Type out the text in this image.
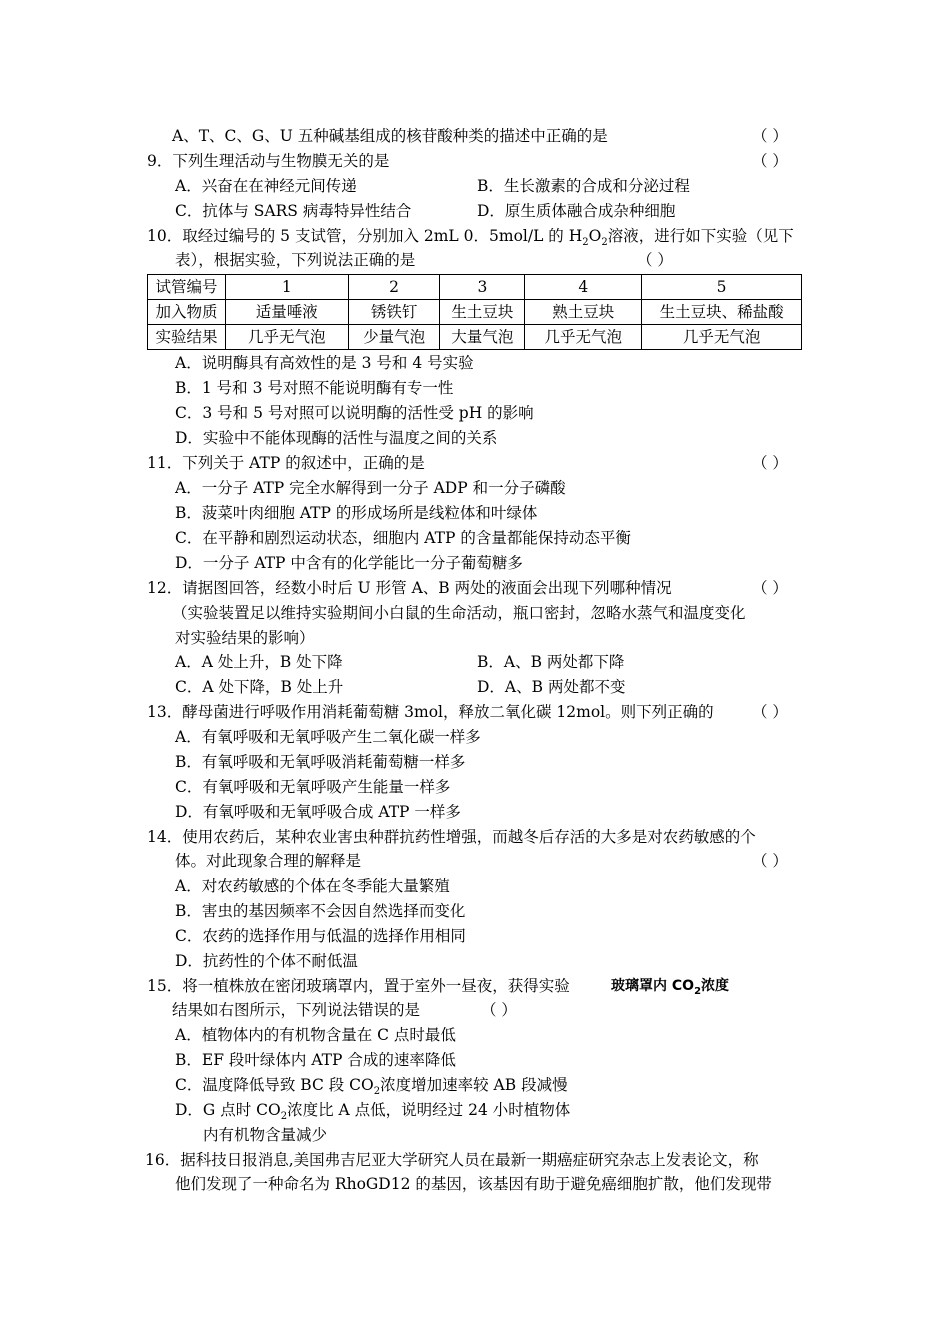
A、T、C、G、U 五种碱基组成的核苷酸种类的描述中正确的是	（ ）
9．下列生理活动与生物膜无关的是	（ ）
A．兴奋在在神经元间传递	B．生长激素的合成和分泌过程
C．抗体与 SARS 病毒特异性结合	D．原生质体融合成杂种细胞
10．取经过编号的 5 支试管，分别加入 2mL 0．5mol/L 的 $H_2O_2$溶液，进行如下实验（见下
表），根据实验，下列说法正确的是	（ ）
试管编号	1	2	3	4	5
加入物质	适量唾液	锈铁钉	生土豆块	熟土豆块	生土豆块、稀盐酸
实验结果	几乎无气泡	少量气泡	大量气泡	几乎无气泡	几乎无气泡
A．说明酶具有高效性的是 3 号和 4 号实验
B．1 号和 3 号对照不能说明酶有专一性
C．3 号和 5 号对照可以说明酶的活性受 pH 的影响
D．实验中不能体现酶的活性与温度之间的关系
11．下列关于 ATP 的叙述中，正确的是	（ ）
A．一分子 ATP 完全水解得到一分子 ADP 和一分子磷酸
B．菠菜叶肉细胞 ATP 的形成场所是线粒体和叶绿体
C．在平静和剧烈运动状态，细胞内 ATP 的含量都能保持动态平衡
D．一分子 ATP 中含有的化学能比一分子葡萄糖多
12．请据图回答，经数小时后 U 形管 A、B 两处的液面会出现下列哪种情况	（ ）
（实验装置足以维持实验期间小白鼠的生命活动，瓶口密封，忽略水蒸气和温度变化
对实验结果的影响）
A．A 处上升，B 处下降	B．A、B 两处都下降
C．A 处下降，B 处上升	D．A、B 两处都不变
13．酵母菌进行呼吸作用消耗葡萄糖 3mol，释放二氧化碳 12mol。则下列正确的 （ ）
A．有氧呼吸和无氧呼吸产生二氧化碳一样多
B．有氧呼吸和无氧呼吸消耗葡萄糖一样多
C．有氧呼吸和无氧呼吸产生能量一样多
D．有氧呼吸和无氧呼吸合成 ATP 一样多
14．使用农药后，某种农业害虫种群抗药性增强，而越冬后存活的大多是对农药敏感的个
体。对此现象合理的解释是	（ ）
A．对农药敏感的个体在冬季能大量繁殖
B．害虫的基因频率不会因自然选择而变化
C．农药的选择作用与低温的选择作用相同
D．抗药性的个体不耐低温
15．将一植株放在密闭玻璃罩内，置于室外一昼夜，获得实验	玻璃罩内 $CO_2$浓度
结果如右图所示，下列说法错误的是	（ ）
A．植物体内的有机物含量在 C 点时最低
B．EF 段叶绿体内 ATP 合成的速率降低
C．温度降低导致 BC 段 $CO_2$浓度增加速率较 AB 段减慢
D．G 点时 $CO_2$浓度比 A 点低，说明经过 24 小时植物体
内有机物含量减少
16．据科技日报消息,美国弗吉尼亚大学研究人员在最新一期癌症研究杂志上发表论文，称
他们发现了一种命名为 RhoGD12 的基因，该基因有助于避免癌细胞扩散，他们发现带
